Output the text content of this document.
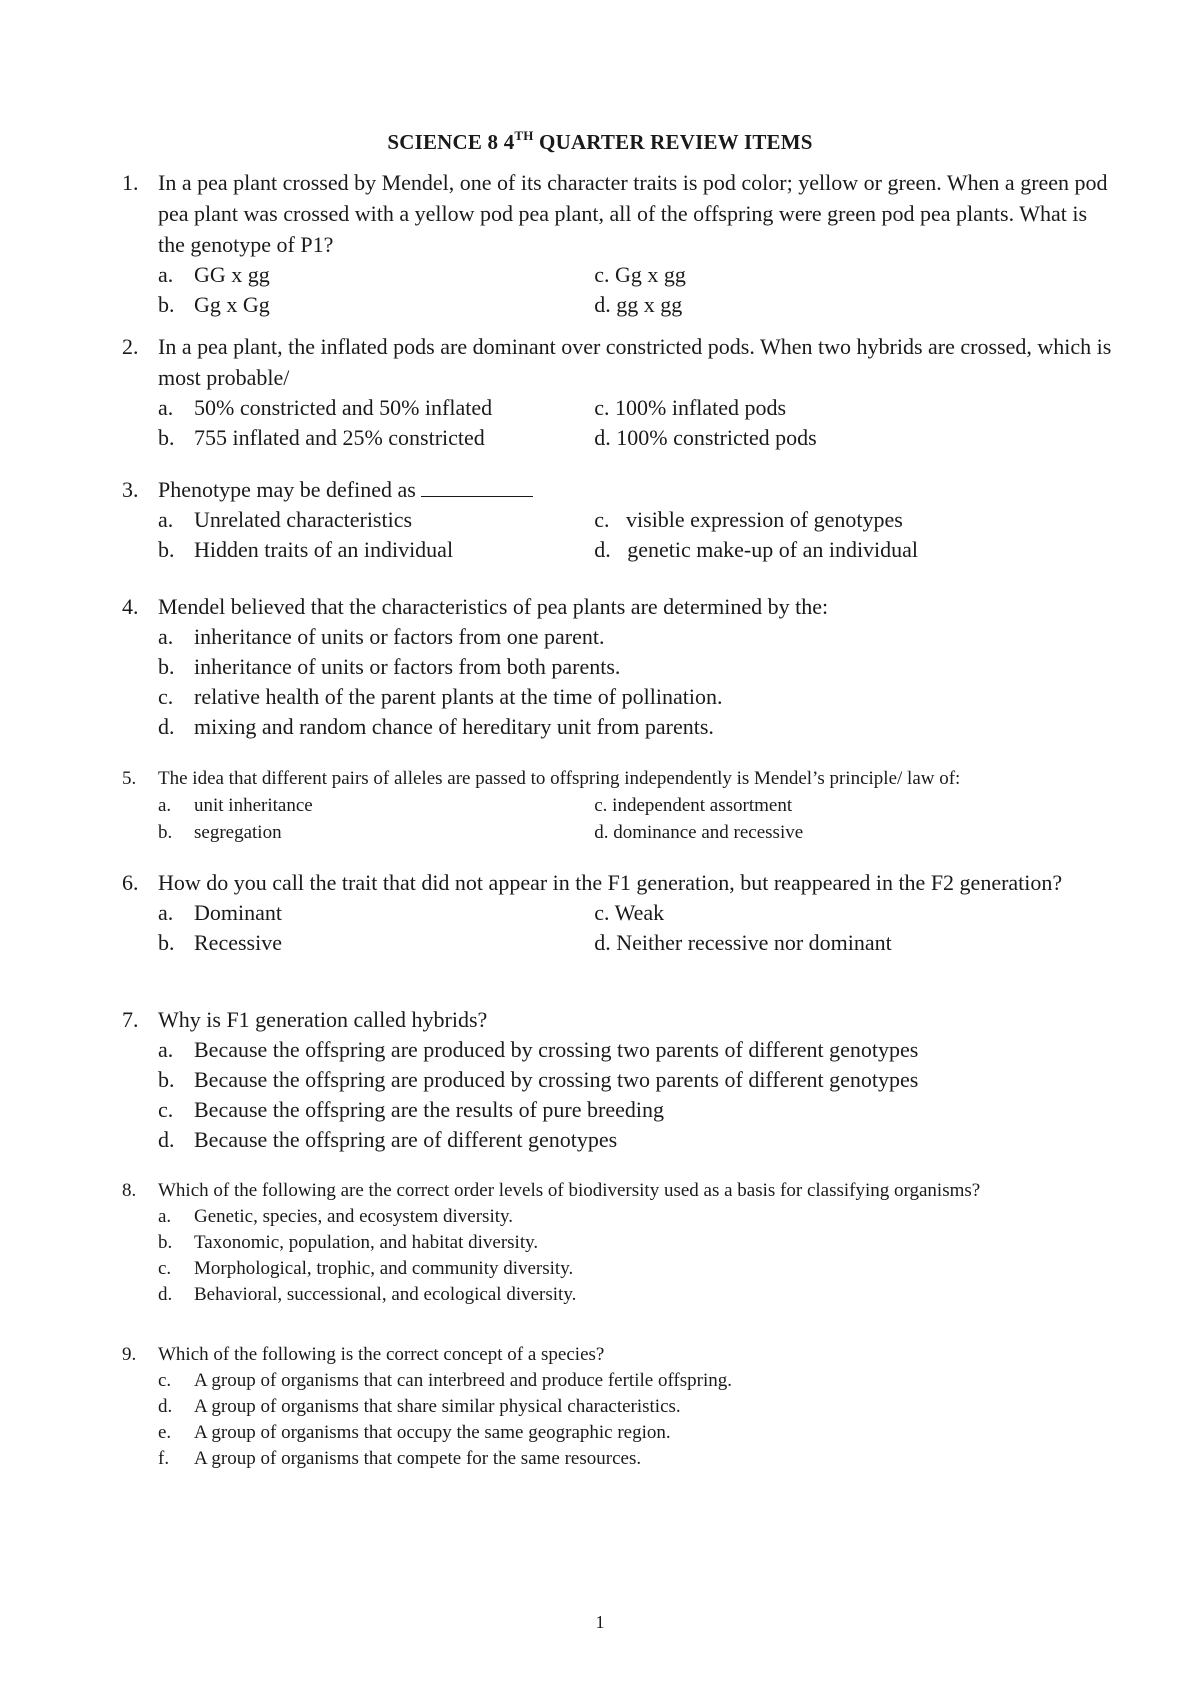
SCIENCE 8 4TH QUARTER REVIEW ITEMS
1. In a pea plant crossed by Mendel, one of its character traits is pod color; yellow or green. When a green pod pea plant was crossed with a yellow pod pea plant, all of the offspring were green pod pea plants. What is the genotype of P1?
a. GG x gg	c. Gg x gg
b. Gg x Gg	d. gg x gg
2. In a pea plant, the inflated pods are dominant over constricted pods. When two hybrids are crossed, which is most probable/
a. 50% constricted and 50% inflated	c. 100% inflated pods
b. 755 inflated and 25% constricted	d. 100% constricted pods
3. Phenotype may be defined as
a. Unrelated characteristics	c. visible expression of genotypes
b. Hidden traits of an individual	d. genetic make-up of an individual
4. Mendel believed that the characteristics of pea plants are determined by the:
a. inheritance of units or factors from one parent.
b. inheritance of units or factors from both parents.
c. relative health of the parent plants at the time of pollination.
d. mixing and random chance of hereditary unit from parents.
5. The idea that different pairs of alleles are passed to offspring independently is Mendel’s principle/ law of:
a. unit inheritance	c. independent assortment
b. segregation	d. dominance and recessive
6. How do you call the trait that did not appear in the F1 generation, but reappeared in the F2 generation?
a. Dominant	c. Weak
b. Recessive	d. Neither recessive nor dominant
7. Why is F1 generation called hybrids?
a. Because the offspring are produced by crossing two parents of different genotypes
b. Because the offspring are produced by crossing two parents of different genotypes
c. Because the offspring are the results of pure breeding
d. Because the offspring are of different genotypes
8. Which of the following are the correct order levels of biodiversity used as a basis for classifying organisms?
a. Genetic, species, and ecosystem diversity.
b. Taxonomic, population, and habitat diversity.
c. Morphological, trophic, and community diversity.
d. Behavioral, successional, and ecological diversity.
9. Which of the following is the correct concept of a species?
c. A group of organisms that can interbreed and produce fertile offspring.
d. A group of organisms that share similar physical characteristics.
e. A group of organisms that occupy the same geographic region.
f. A group of organisms that compete for the same resources.
1
